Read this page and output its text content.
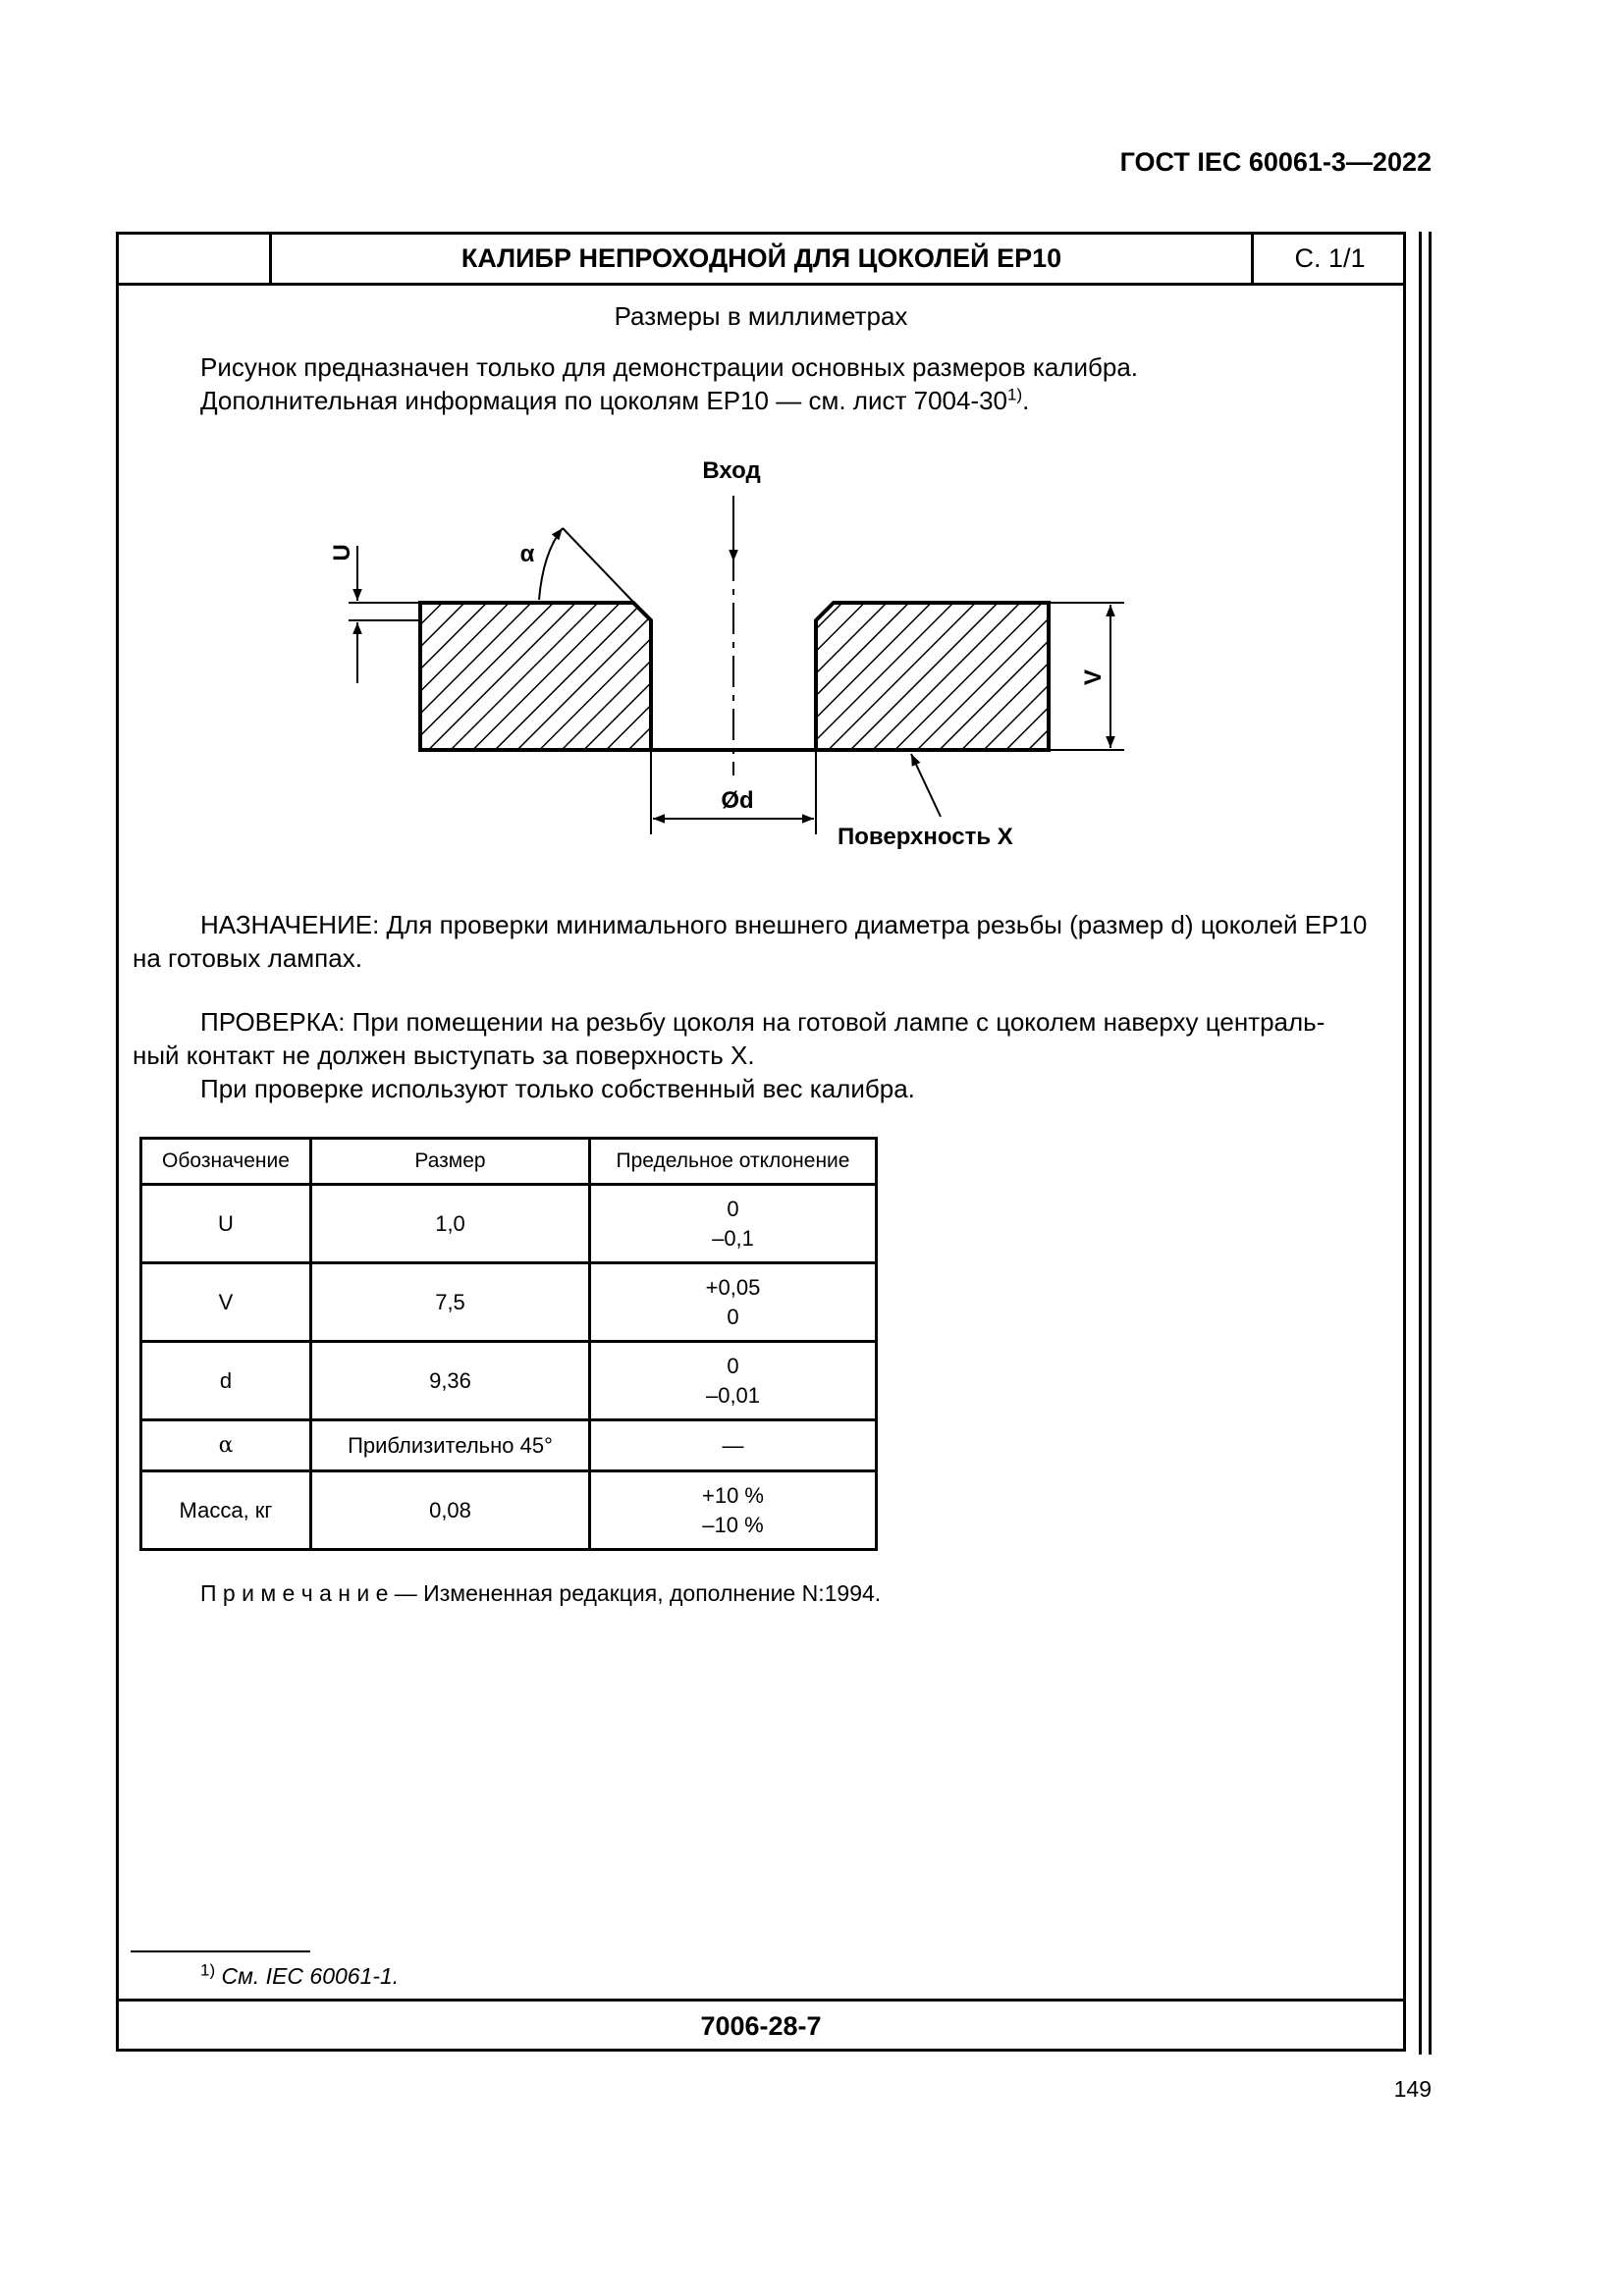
ГОСТ IEC 60061-3—2022
КАЛИБР НЕПРОХОДНОЙ ДЛЯ ЦОКОЛЕЙ EP10	С. 1/1
Размеры в миллиметрах

Рисунок предназначен только для демонстрации основных размеров калибра.

Дополнительная информация по цоколям EP10 — см. лист 7004-30$^{1)}$.

Вход
U	α
V
Ød
Поверхность X

НАЗНАЧЕНИЕ: Для проверки минимального внешнего диаметра резьбы (размер d) цоколей EP10 на готовых лампах.

ПРОВЕРКА: При помещении на резьбу цоколя на готовой лампе с цоколем наверху централь-

ный контакт не должен выступать за поверхность X.

При проверке используют только собственный вес калибра.

Обозначение	Размер	Предельное отклонение
U	1,0	0
–0,1

V	7,5	+0,05
0

d	9,36	0
–0,01

α	Приблизительно 45°	—
Масса, кг	0,08	+10 %
–10 %
П р и м е ч а н и е — Измененная редакция, дополнение N:1994.
$^{1)}$ См. IEC 60061-1.
7006-28-7
149
